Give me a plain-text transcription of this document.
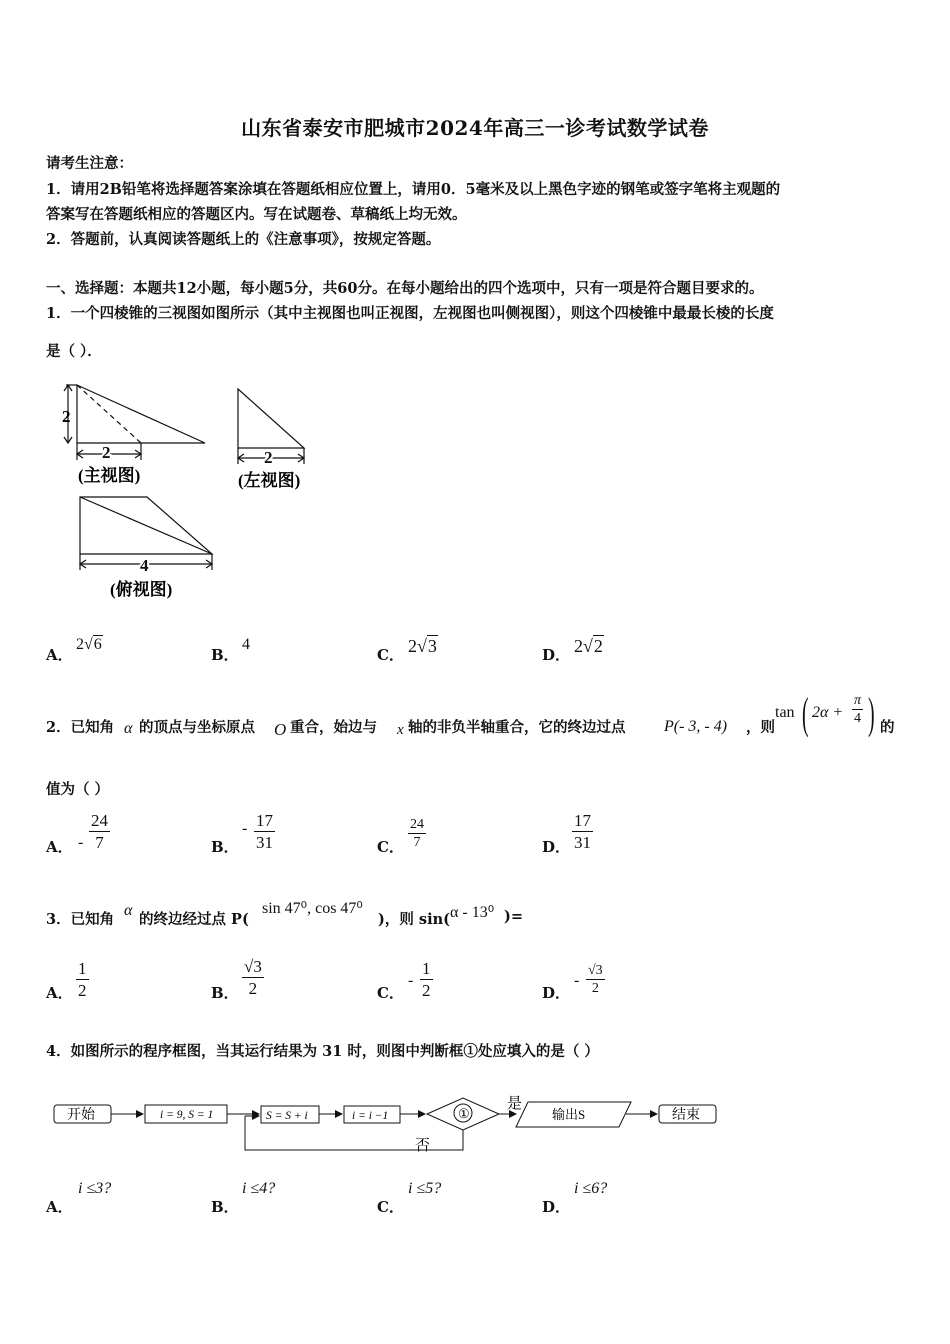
山东省泰安市肥城市2024年高三一诊考试数学试卷
请考生注意：
1．请用2B铅笔将选择题答案涂填在答题纸相应位置上，请用0．5毫米及以上黑色字迹的钢笔或签字笔将主观题的
答案写在答题纸相应的答题区内。写在试题卷、草稿纸上均无效。
2．答题前，认真阅读答题纸上的《注意事项》，按规定答题。
一、选择题：本题共12小题，每小题5分，共60分。在每小题给出的四个选项中，只有一项是符合题目要求的。
1．一个四棱锥的三视图如图所示（其中主视图也叫正视图，左视图也叫侧视图），则这个四棱锥中最最长棱的长度
是（ ）．
2
2
(主视图)
2
(左视图)
4
(俯视图)
A．
2√6
B．
4
C． 2√3	D． 2√2
2．已知角 α 的顶点与坐标原点 O 重合，始边与 x 轴的非负半轴重合，它的终边过点 P(- 3, - 4) ，则
tan ( $2\alpha + \frac{\pi}{4}$ ) 的
值为（ ）
A． - $\frac{24}{7}$	B．
- $\frac{17}{31}$	C． $\frac{24}{7}$	D． $\frac{17}{31}$
3．已知角
α
的终边经过点 P(
sin 47⁰, cos 47⁰
)，则 sin( α - 13⁰ )=
A． $\frac{1}{2}$	B． $\frac{√3}{2}$	C．
- $\frac{1}{2}$	D．
- $\frac{√3}{2}$
4．如图所示的程序框图，当其运行结果为 31 时，则图中判断框①处应填入的是（ ）
开始	i = 9, S = 1	S = S + i	i = i −1	①
是
否
输出S	结束
A．
i ≤3?
B．
i ≤4?
C．
i ≤5?
D．
i ≤6?
